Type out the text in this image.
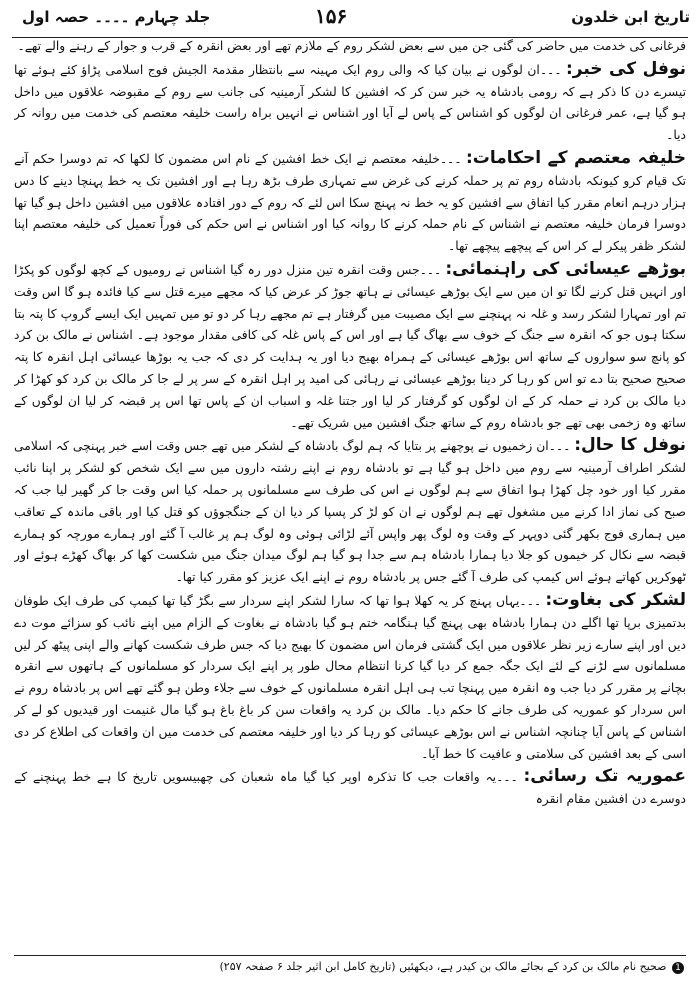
تاریخ ابن خلدون
۱۵۶
جلد چہارم ۔۔۔۔ حصہ اول

فرغانی کی خدمت میں حاضر کی گئی جن میں سے بعض لشکر روم کے ملازم تھے اور بعض انقرہ کے قرب و جوار کے رہنے والے تھے۔

نوفل کی خبر: ۔۔۔ان لوگوں نے بیان کیا کہ والی روم ایک مہینہ سے بانتظار مقدمۃ الجیش فوج اسلامی پڑاؤ کئے ہوئے تھا تیسرے دن کا ذکر ہے کہ رومی بادشاہ یہ خبر سن کر کہ افشین کا لشکر آرمینیہ کی جانب سے روم کے مقبوضہ علاقوں میں داخل ہو گیا ہے، عمر فرغانی ان لوگوں کو اشناس کے پاس لے آیا اور اشناس نے انہیں براہ راست خلیفہ معتصم کی خدمت میں روانہ کر دیا۔

خلیفہ معتصم کے احکامات: ۔۔۔خلیفہ معتصم نے ایک خط افشین کے نام اس مضمون کا لکھا کہ تم دوسرا حکم آنے تک قیام کرو کیونکہ بادشاہ روم تم پر حملہ کرنے کی غرض سے تمہاری طرف بڑھ رہا ہے اور افشین تک یہ خط پہنچا دینے کا دس ہزار درہم انعام مقرر کیا اتفاق سے افشین کو یہ خط نہ پہنچ سکا اس لئے کہ روم کے دور افتادہ علاقوں میں افشین داخل ہو گیا تھا دوسرا فرمان خلیفہ معتصم نے اشناس کے نام حملہ کرنے کا روانہ کیا اور اشناس نے اس حکم کی فوراً تعمیل کی خلیفہ معتصم اپنا لشکر ظفر پیکر لے کر اس کے پیچھے پیچھے تھا۔

بوڑھے عیسائی کی راہنمائی: ۔۔۔جس وقت انقرہ تین منزل دور رہ گیا اشناس نے رومیوں کے کچھ لوگوں کو پکڑا اور انہیں قتل کرنے لگا تو ان میں سے ایک بوڑھے عیسائی نے ہاتھ جوڑ کر عرض کیا کہ مجھے میرے قتل سے کیا فائدہ ہو گا اس وقت تم اور تمہارا لشکر رسد و غلہ نہ پہنچنے سے ایک مصیبت میں گرفتار ہے تم مجھے رہا کر دو تو میں تمہیں ایک ایسے گروپ کا پتہ بتا سکتا ہوں جو کہ انقرہ سے جنگ کے خوف سے بھاگ گیا ہے اور اس کے پاس غلہ کی کافی مقدار موجود ہے۔ اشناس نے مالک بن کرد کو پانچ سو سواروں کے ساتھ اس بوڑھے عیسائی کے ہمراہ بھیج دیا اور یہ ہدایت کر دی کہ جب یہ بوڑھا عیسائی اہل انقرہ کا پتہ صحیح صحیح بتا دے تو اس کو رہا کر دینا بوڑھے عیسائی نے رہائی کی امید پر اہل انقرہ کے سر پر لے جا کر مالک بن کرد کو کھڑا کر دیا مالک بن کرد نے حملہ کر کے ان لوگوں کو گرفتار کر لیا اور جتنا غلہ و اسباب ان کے پاس تھا اس پر قبضہ کر لیا ان لوگوں کے ساتھ وہ زخمی بھی تھے جو بادشاہ روم کے ساتھ جنگ افشین میں شریک تھے۔

نوفل کا حال: ۔۔۔ان زخمیوں نے پوچھنے پر بتایا کہ ہم لوگ بادشاہ کے لشکر میں تھے جس وقت اسے خبر پہنچی کہ اسلامی لشکر اطراف آرمینیہ سے روم میں داخل ہو گیا ہے تو بادشاہ روم نے اپنے رشتہ داروں میں سے ایک شخص کو لشکر پر اپنا نائب مقرر کیا اور خود چل کھڑا ہوا اتفاق سے ہم لوگوں نے اس کی طرف سے مسلمانوں پر حملہ کیا اس وقت جا کر گھیر لیا جب کہ صبح کی نماز ادا کرنے میں مشغول تھے ہم لوگوں نے ان کو لڑ کر پسپا کر دیا ان کے جنگجوؤں کو قتل کیا اور باقی ماندہ کے تعاقب میں ہماری فوج بکھر گئی دوپہر کے وقت وہ لوگ پھر واپس آئے لڑائی ہوئی وہ لوگ ہم پر غالب آ گئے اور ہمارے مورچہ کو ہمارے قبضہ سے نکال کر خیموں کو جلا دیا ہمارا بادشاہ ہم سے جدا ہو گیا ہم لوگ میدان جنگ میں شکست کھا کر بھاگ کھڑے ہوئے اور ٹھوکریں کھاتے ہوئے اس کیمپ کی طرف آ گئے جس پر بادشاہ روم نے اپنے ایک عزیز کو مقرر کیا تھا۔

لشکر کی بغاوت: ۔۔۔یہاں پہنچ کر یہ کھلا ہوا تھا کہ سارا لشکر اپنے سردار سے بگڑ گیا تھا کیمپ کی طرف ایک طوفان بدتمیزی برپا تھا اگلے دن ہمارا بادشاہ بھی پہنچ گیا ہنگامہ ختم ہو گیا بادشاہ نے بغاوت کے الزام میں اپنے نائب کو سزائے موت دے دیں اور اپنے سارے زیر نظر علاقوں میں ایک گشتی فرمان اس مضمون کا بھیج دیا کہ جس طرف شکست کھانے والے اپنی پیٹھ کر لیں مسلمانوں سے لڑنے کے لئے ایک جگہ جمع کر دیا گیا کرنا انتظام محال طور پر اپنے ایک سردار کو مسلمانوں کے ہاتھوں سے انقرہ بچانے پر مقرر کر دیا جب وہ انقرہ میں پہنچا تب ہی اہل انقرہ مسلمانوں کے خوف سے جلاء وطن ہو گئے تھے اس پر بادشاہ روم نے اس سردار کو عموریہ کی طرف جانے کا حکم دیا۔ مالک بن کرد یہ واقعات سن کر باغ باغ ہو گیا مال غنیمت اور قیدیوں کو لے کر اشناس کے پاس آیا چنانچہ اشناس نے اس بوڑھے عیسائی کو رہا کر دیا اور خلیفہ معتصم کی خدمت میں ان واقعات کی اطلاع کر دی اسی کے بعد افشین کی سلامتی و عافیت کا خط آیا۔

عموریہ تک رسائی: ۔۔۔یہ واقعات جب کا تذکرہ اوپر کیا گیا ماہ شعبان کی چھبیسویں تاریخ کا ہے خط پہنچنے کے دوسرے دن افشین مقام انقرہ

1 صحیح نام مالک بن کرد کے بجائے مالک بن کیدر ہے، دیکھئیں (تاریخ کامل ابن اثیر جلد ۶ صفحہ ۲۵۷)
